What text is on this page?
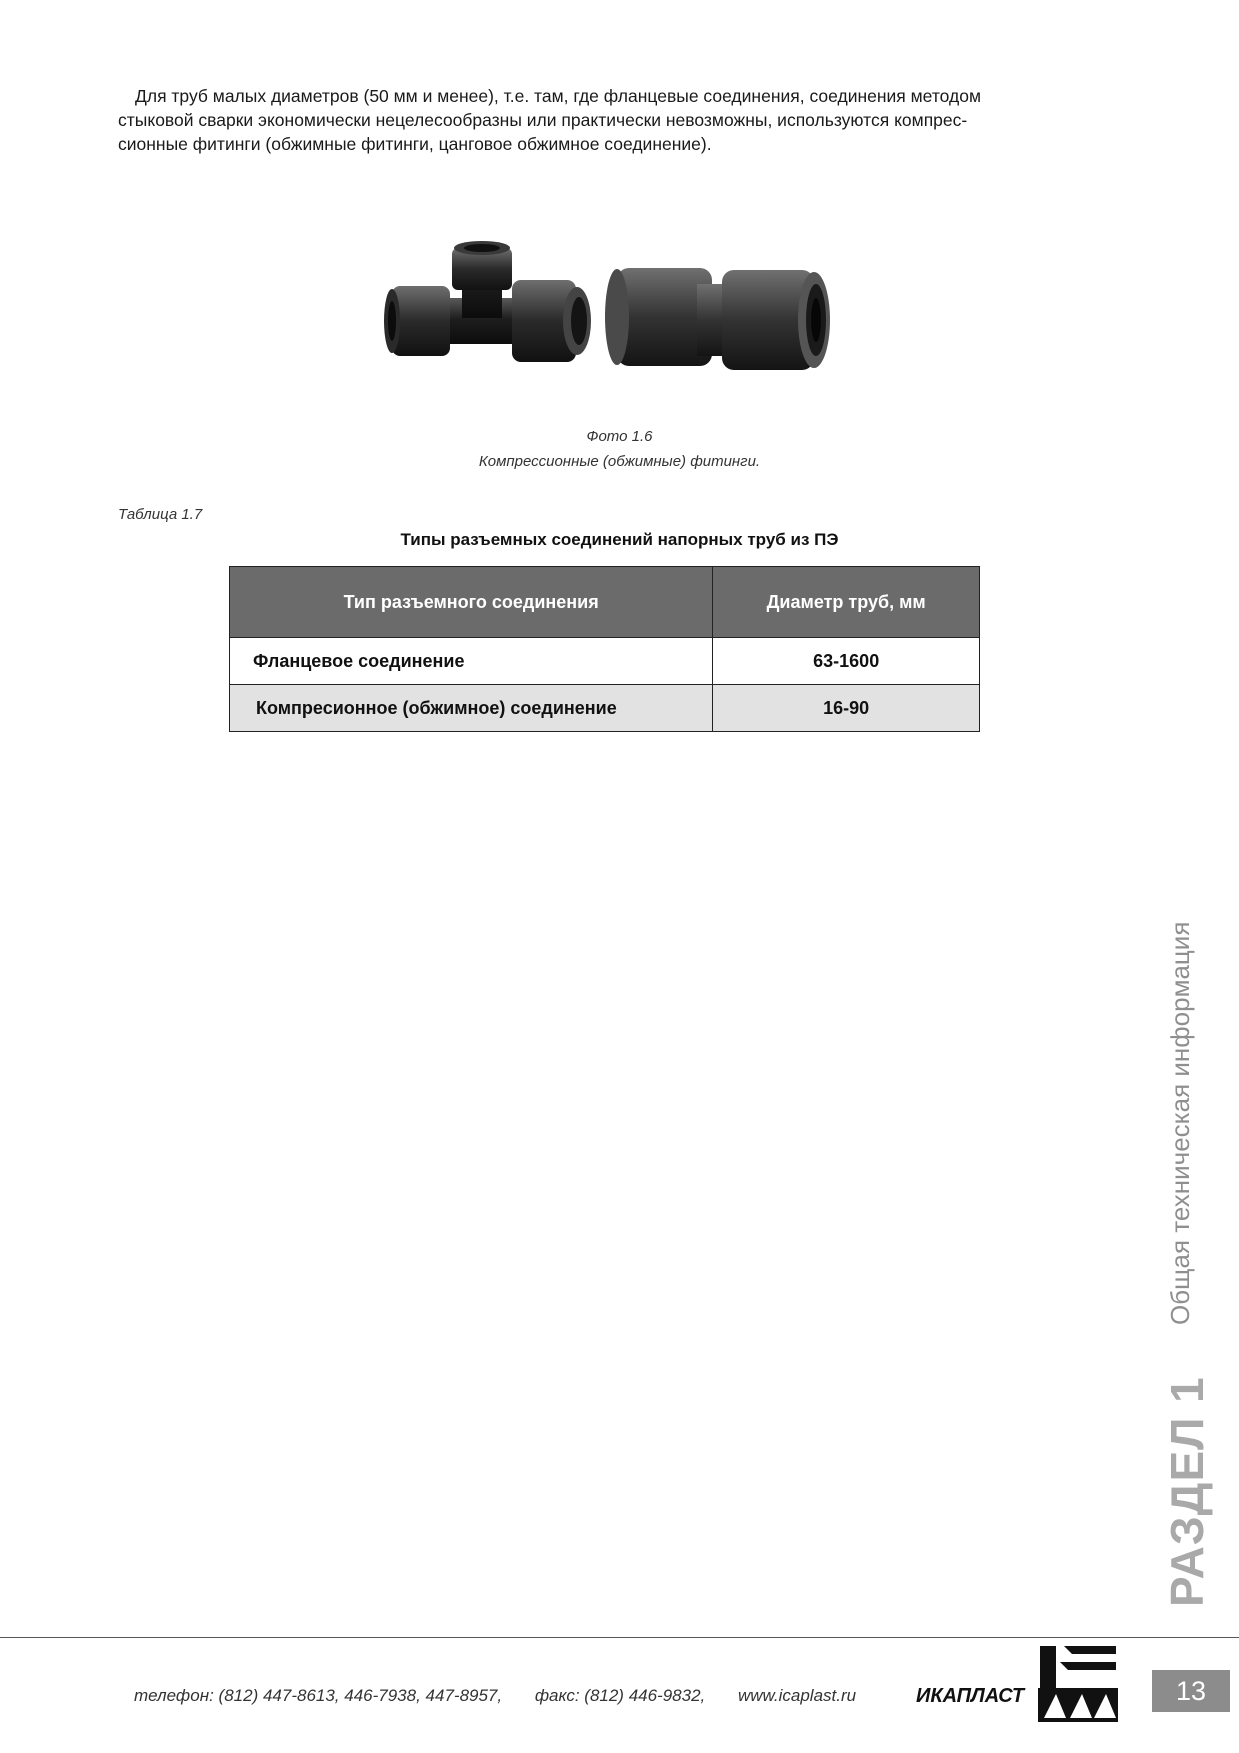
Для труб малых диаметров (50 мм и менее), т.е. там, где фланцевые соединения, соединения методом

стыковой сварки экономически нецелесообразны или практически невозможны, используются компрес-
сионные фитинги (обжимные фитинги, цанговое обжимное соединение).
Фото 1.6
Компрессионные (обжимные) фитинги.
Таблица 1.7
Типы разъемных соединений напорных труб из ПЭ
Тип разъемного соединения	Диаметр труб, мм
Фланцевое соединение	63-1600
Компресионное (обжимное) соединение	16-90
РАЗДЕЛ 1
Общая техническая информация
телефон: (812) 447-8613, 446-7938, 447-8957, факс: (812) 446-9832, www.icaplast.ru	ИКАПЛАСТ	13
